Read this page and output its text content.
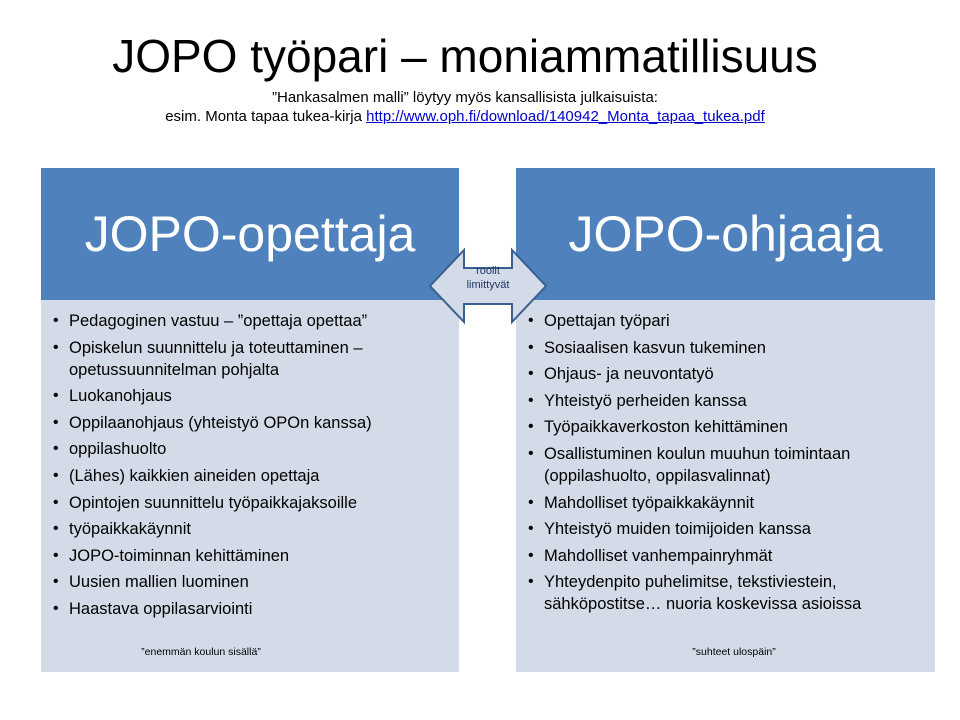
JOPO työpari – moniammatillisuus
”Hankasalmen malli” löytyy myös kansallisista julkaisuista:
esim. Monta tapaa tukea-kirja http://www.oph.fi/download/140942_Monta_tapaa_tukea.pdf
• Pedagoginen vastuu – ”opettaja opettaa”
• Opiskelun suunnittelu ja toteuttaminen – opetussuunnitelman pohjalta
• Luokanohjaus
• Oppilaanohjaus (yhteistyö OPOn kanssa)
• oppilashuolto
• (Lähes) kaikkien aineiden opettaja
• Opintojen suunnittelu työpaikkajaksoille
• työpaikkakäynnit
• JOPO-toiminnan kehittäminen
• Uusien mallien luominen
• Haastava oppilasarviointi
”enemmän koulun sisällä”
JOPO-opettaja
• Opettajan työpari
• Sosiaalisen kasvun tukeminen
• Ohjaus- ja neuvontatyö
• Yhteistyö perheiden kanssa
• Työpaikkaverkoston kehittäminen
• Osallistuminen koulun muuhun toimintaan (oppilashuolto, oppilasvalinnat)
• Mahdolliset työpaikkakäynnit
• Yhteistyö muiden toimijoiden kanssa
• Mahdolliset vanhempainryhmät
• Yhteydenpito puhelimitse, tekstiviestein, sähköpostitse… nuoria koskevissa asioissa
”suhteet ulospäin”
JOPO-ohjaaja
roolit
limittyvät
